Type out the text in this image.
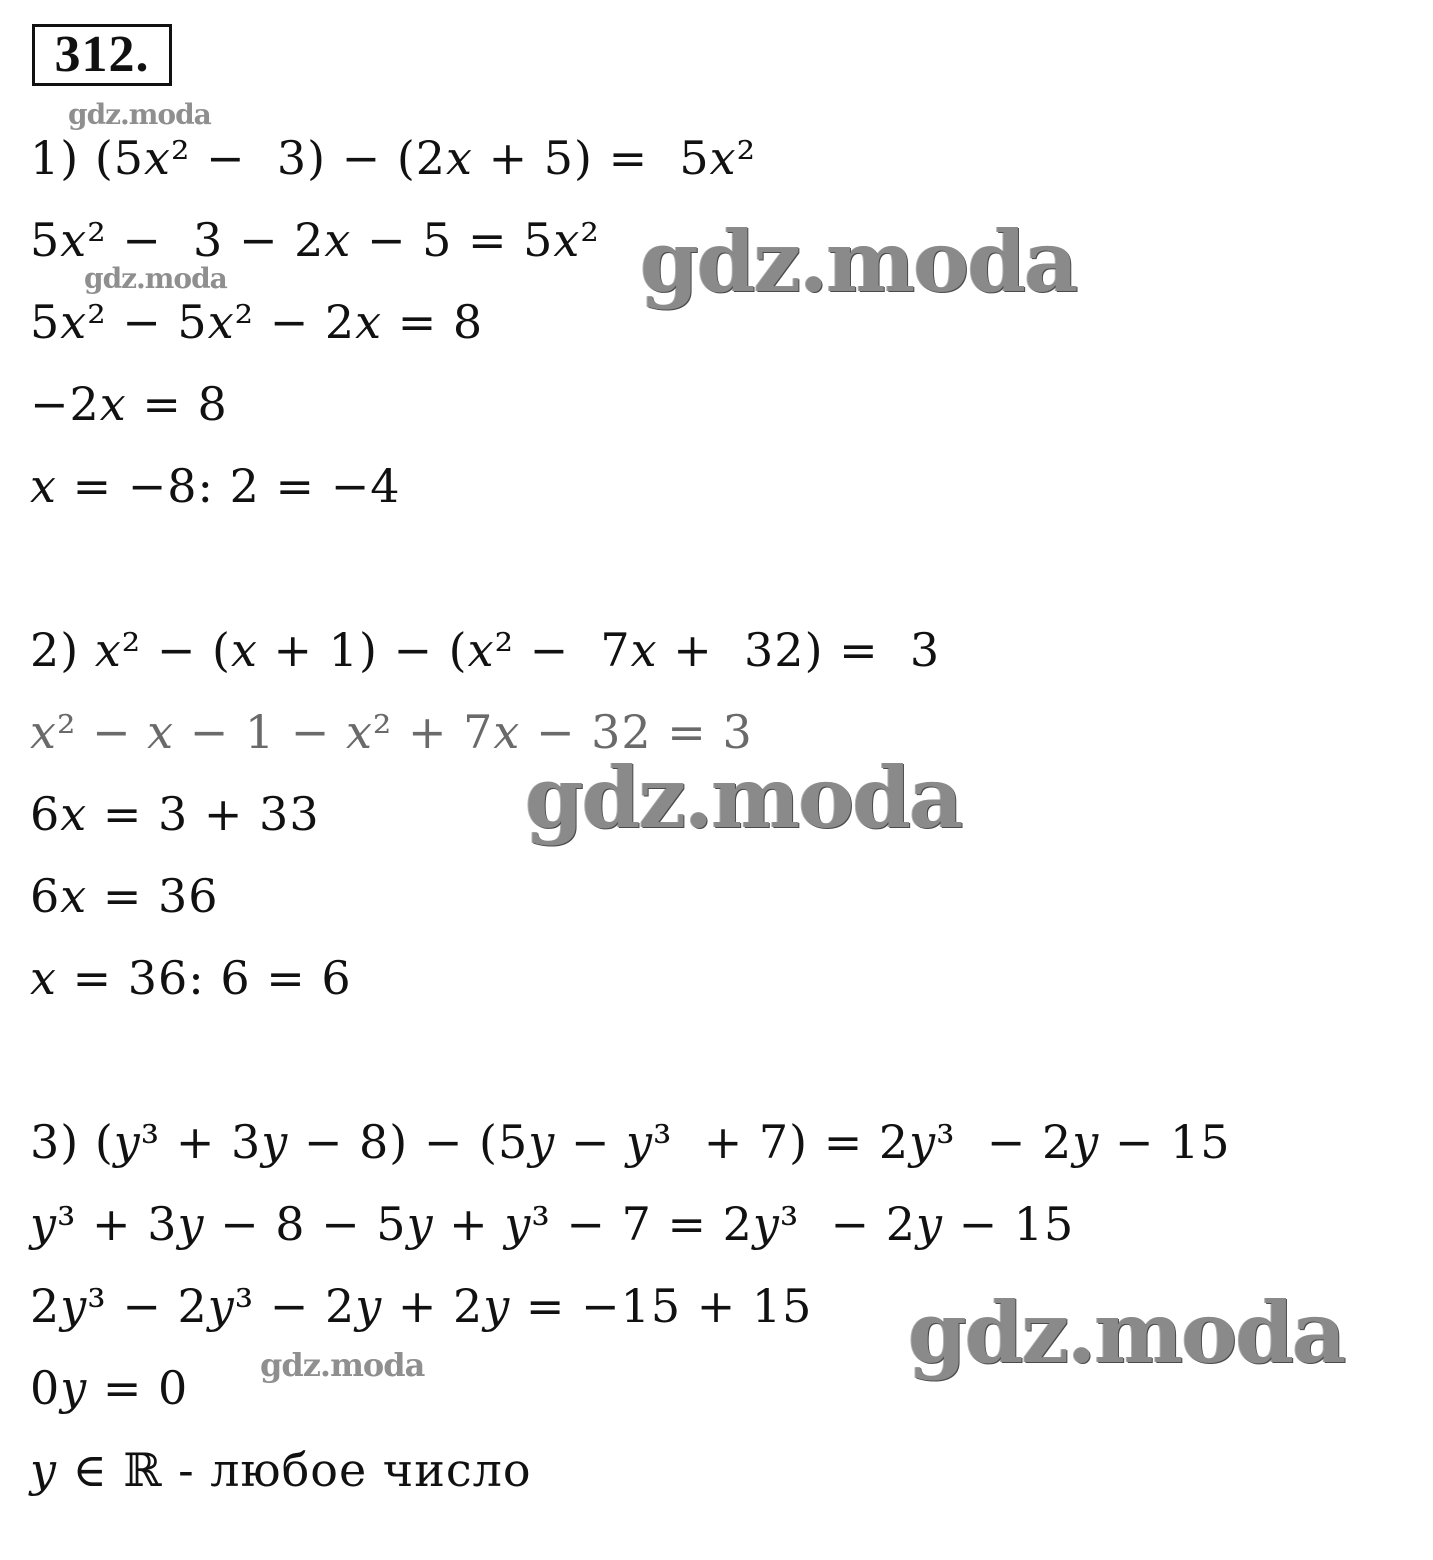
312.
gdz.moda
gdz.moda	gdz.moda
gdz.moda
gdz.moda
gdz.moda
1) (5𝑥² −  3) − (2𝑥 + 5) =  5𝑥²
5𝑥² −  3 − 2𝑥 − 5 = 5𝑥²
5𝑥² − 5𝑥² − 2𝑥 = 8
−2𝑥 = 8
𝑥 = −8: 2 = −4
2) 𝑥² − (𝑥 + 1) − (𝑥² −  7𝑥 +  32) =  3
𝑥² − 𝑥 − 1 − 𝑥² + 7𝑥 − 32 = 3
6𝑥 = 3 + 33
6𝑥 = 36
𝑥 = 36: 6 = 6
3) (𝑦³ + 3𝑦 − 8) − (5𝑦 − 𝑦³  + 7) = 2𝑦³  − 2𝑦 − 15
𝑦³ + 3𝑦 − 8 − 5𝑦 + 𝑦³ − 7 = 2𝑦³  − 2𝑦 − 15
2𝑦³ − 2𝑦³ − 2𝑦 + 2𝑦 = −15 + 15
0𝑦 = 0
𝑦 ∈ ℝ - любое число
